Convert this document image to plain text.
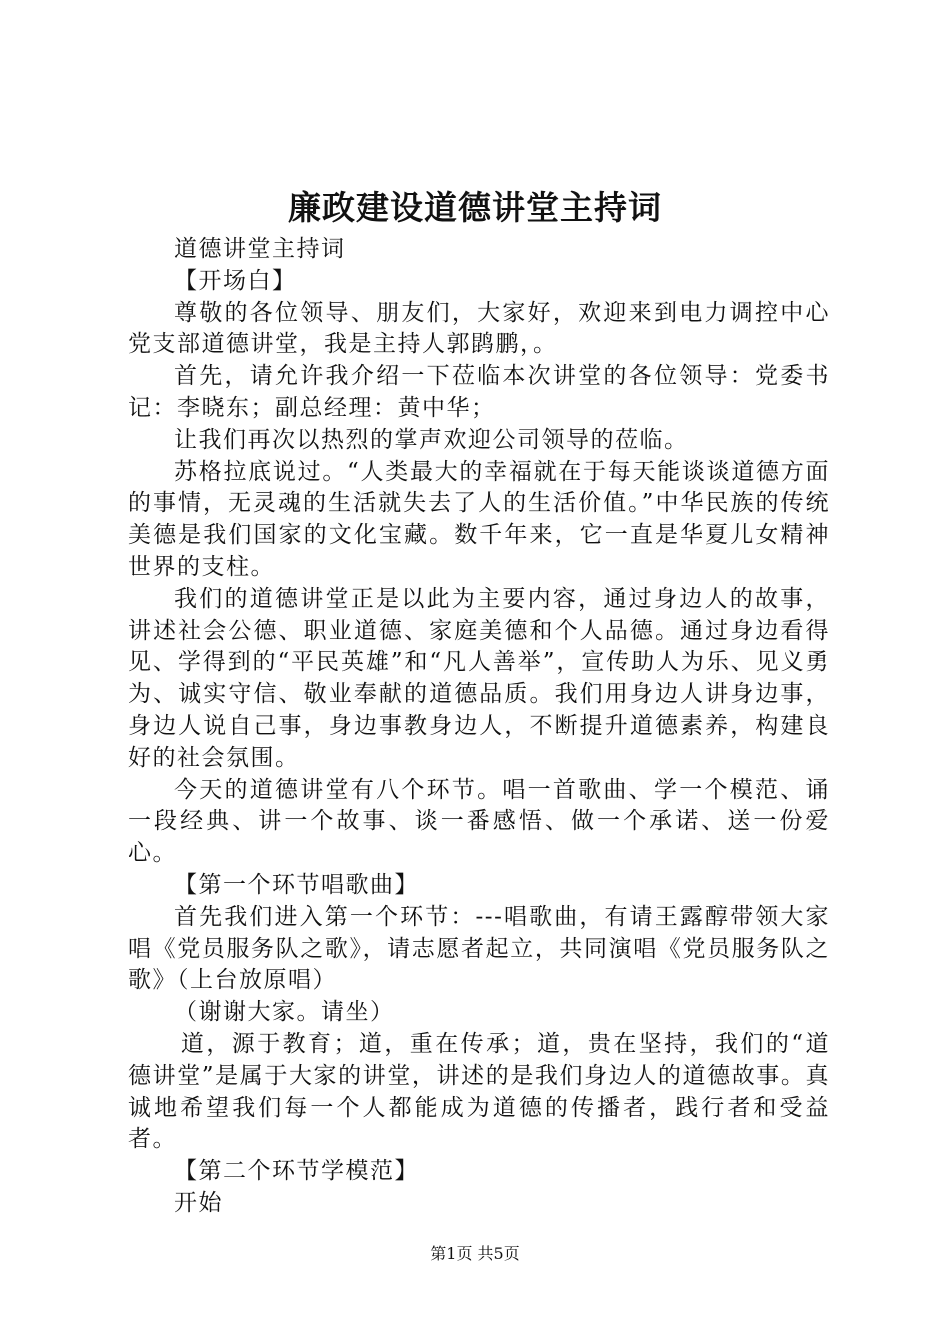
廉政建设道德讲堂主持词

道德讲堂主持词

【开场白】

尊敬的各位领导、朋友们，大家好，欢迎来到电力调控中心党支部道德讲堂，我是主持人郭鹍鹏，。

首先，请允许我介绍一下莅临本次讲堂的各位领导：党委书记：李晓东；副总经理：黄中华；

让我们再次以热烈的掌声欢迎公司领导的莅临。

苏格拉底说过。“人类最大的幸福就在于每天能谈谈道德方面的事情，无灵魂的生活就失去了人的生活价值。”中华民族的传统美德是我们国家的文化宝藏。数千年来，它一直是华夏儿女精神世界的支柱。

我们的道德讲堂正是以此为主要内容，通过身边人的故事，讲述社会公德、职业道德、家庭美德和个人品德。通过身边看得见、学得到的“平民英雄”和“凡人善举”，宣传助人为乐、见义勇为、诚实守信、敬业奉献的道德品质。我们用身边人讲身边事，身边人说自己事，身边事教身边人，不断提升道德素养，构建良好的社会氛围。

今天的道德讲堂有八个环节。唱一首歌曲、学一个模范、诵一段经典、讲一个故事、谈一番感悟、做一个承诺、送一份爱心。

【第一个环节唱歌曲】

首先我们进入第一个环节：---唱歌曲，有请王露醇带领大家唱《党员服务队之歌》，请志愿者起立，共同演唱《党员服务队之歌》（上台放原唱）

（谢谢大家。请坐）

道，源于教育；道，重在传承；道，贵在坚持，我们的“道德讲堂”是属于大家的讲堂，讲述的是我们身边人的道德故事。真诚地希望我们每一个人都能成为道德的传播者，践行者和受益者。

【第二个环节学模范】

开始

第1页 共5页
